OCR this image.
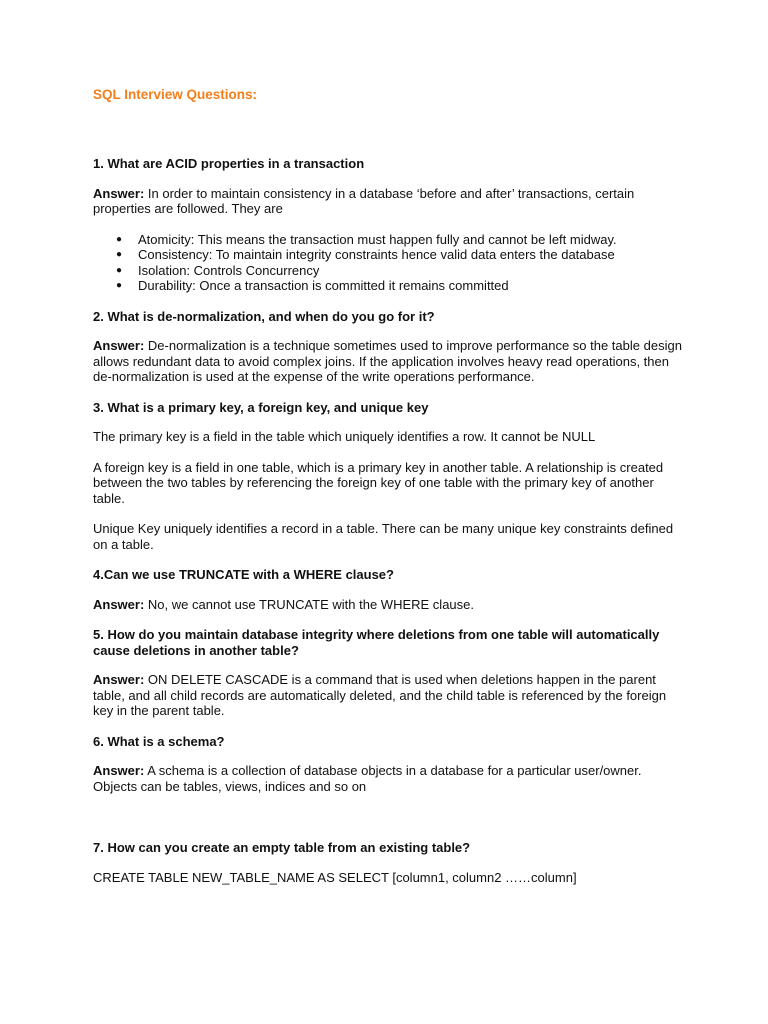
SQL Interview Questions:
1. What are ACID properties in a transaction
Answer: In order to maintain consistency in a database ‘before and after’ transactions, certain properties are followed. They are
● Atomicity: This means the transaction must happen fully and cannot be left midway.
● Consistency: To maintain integrity constraints hence valid data enters the database
● Isolation: Controls Concurrency
● Durability: Once a transaction is committed it remains committed
2. What is de-normalization, and when do you go for it?
Answer: De-normalization is a technique sometimes used to improve performance so the table design allows redundant data to avoid complex joins. If the application involves heavy read operations, then de-normalization is used at the expense of the write operations performance.
3. What is a primary key, a foreign key, and unique key
The primary key is a field in the table which uniquely identifies a row. It cannot be NULL
A foreign key is a field in one table, which is a primary key in another table. A relationship is created between the two tables by referencing the foreign key of one table with the primary key of another table.
Unique Key uniquely identifies a record in a table. There can be many unique key constraints defined on a table.
4.Can we use TRUNCATE with a WHERE clause?
Answer: No, we cannot use TRUNCATE with the WHERE clause.
5. How do you maintain database integrity where deletions from one table will automatically cause deletions in another table?
Answer: ON DELETE CASCADE is a command that is used when deletions happen in the parent table, and all child records are automatically deleted, and the child table is referenced by the foreign key in the parent table.
6. What is a schema?
Answer: A schema is a collection of database objects in a database for a particular user/owner. Objects can be tables, views, indices and so on
7. How can you create an empty table from an existing table?
CREATE TABLE NEW_TABLE_NAME AS SELECT [column1, column2 ……column]
